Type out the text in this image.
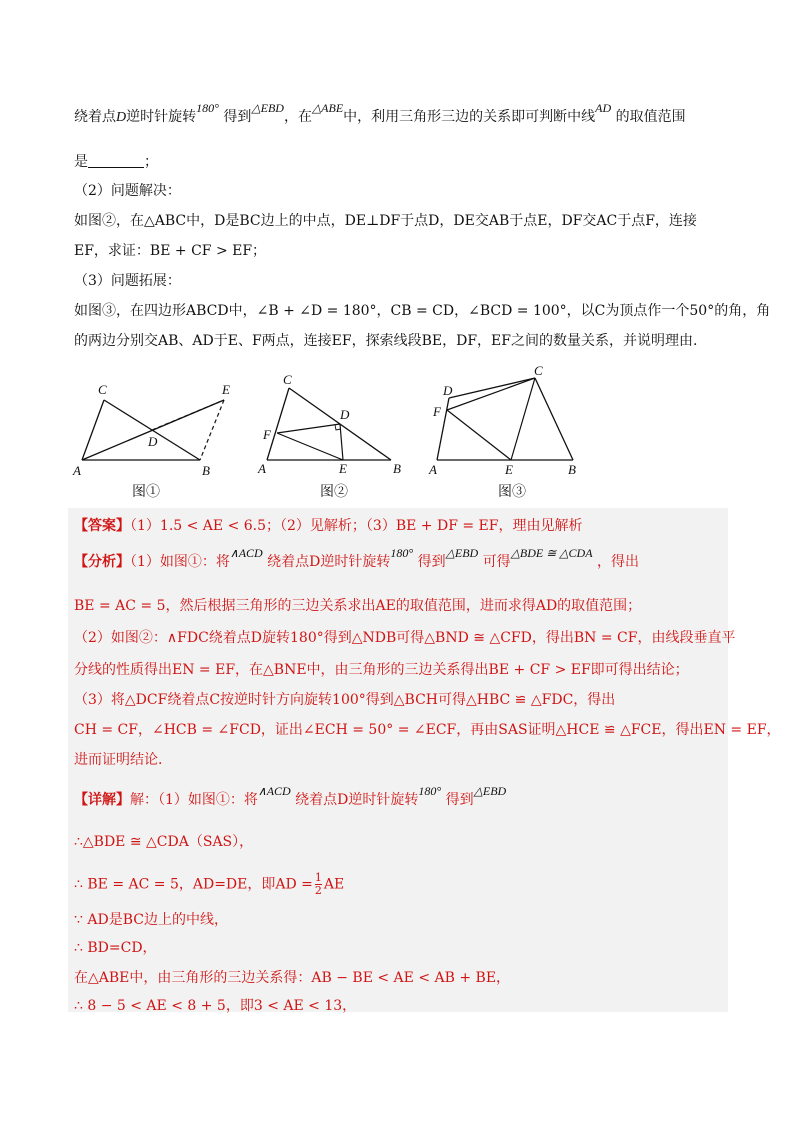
绕着点D逆时针旋转180° 得到△EBD，在△ABE中，利用三角形三边的关系即可判断中线AD 的取值范围
是	；
（2）问题解决：
如图②，在△ABC中，D是BC边上的中点，DE⊥DF于点D，DE交AB于点E，DF交AC于点F，连接
EF，求证：BE + CF > EF；
（3）问题拓展：
如图③，在四边形ABCD中，∠B + ∠D = 180°，CB = CD，∠BCD = 100°，以C为顶点作一个50°的角，角
的两边分别交AB、AD于E、F两点，连接EF，探索线段BE，DF，EF之间的数量关系，并说明理由.
A	B
C
D
E
图①
A	B
C
D
E
F
图②
A	B
C
D
E
F
图③
【答案】（1）1.5 < AE < 6.5；（2）见解析；（3）BE + DF = EF，理由见解析
【分析】（1）如图①：将∧ACD 绕着点D逆时针旋转180° 得到△EBD 可得△BDE ≅ △CDA ，得出
BE = AC = 5，然后根据三角形的三边关系求出AE的取值范围，进而求得AD的取值范围；
（2）如图②：∧FDC绕着点D旋转180°得到△NDB可得△BND ≅ △CFD，得出BN = CF，由线段垂直平
分线的性质得出EN = EF，在△BNE中，由三角形的三边关系得出BE + CF > EF即可得出结论；
（3）将△DCF绕着点C按逆时针方向旋转100°得到△BCH可得△HBC ≌ △FDC，得出
CH = CF，∠HCB = ∠FCD，证出∠ECH = 50° = ∠ECF，再由SAS证明△HCE ≌ △FCE，得出EN = EF，
进而证明结论.
【详解】解：（1）如图①：将∧ACD 绕着点D逆时针旋转180° 得到△EBD
∴△BDE ≅ △CDA（SAS），
∴ BE = AC = 5，AD=DE，即AD = $\frac{1}{2}$ AE
∵ AD是BC边上的中线，
∴ BD=CD，
在△ABE中，由三角形的三边关系得：AB − BE < AE < AB + BE，
∴ 8 − 5 < AE < 8 + 5，即3 < AE < 13，
